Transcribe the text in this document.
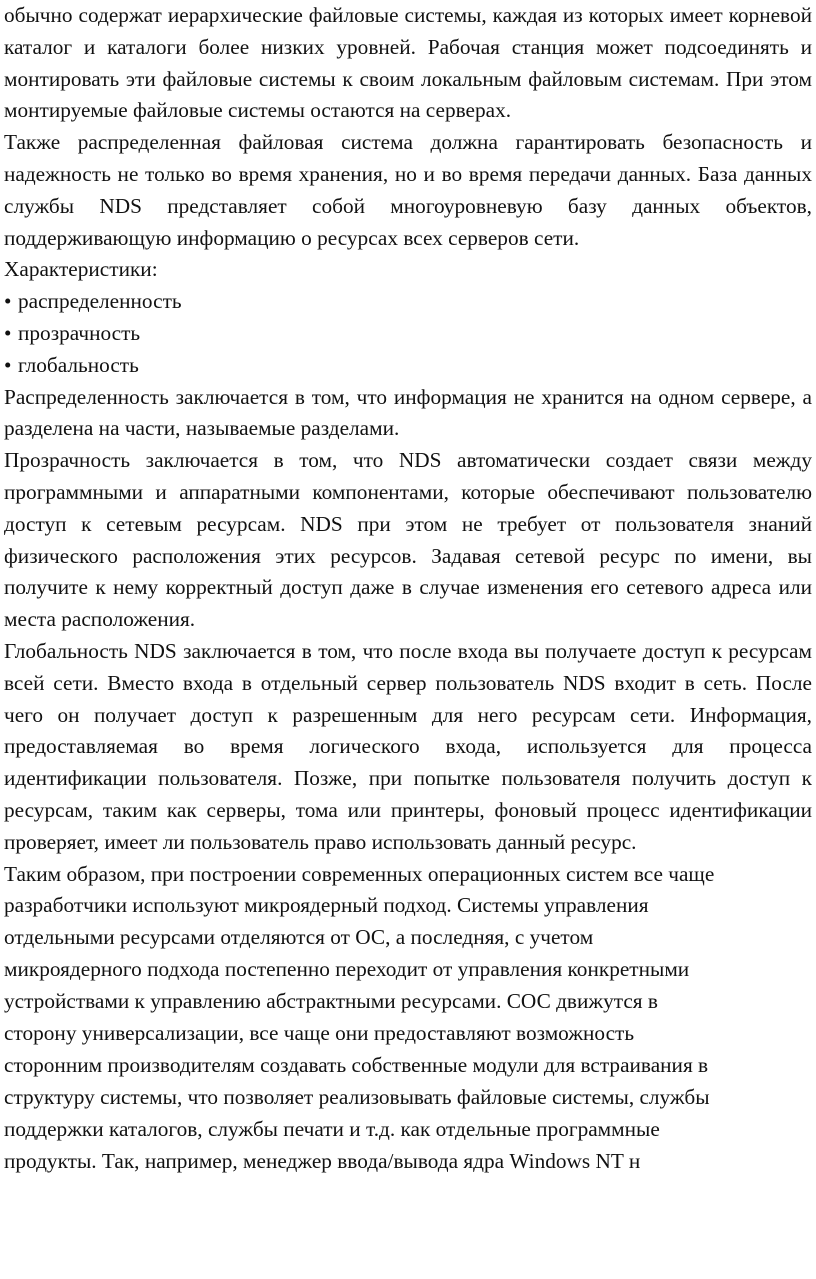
обычно содержат иерархические файловые системы, каждая из которых имеет корневой каталог и каталоги более низких уровней. Рабочая станция может подсоединять и монтировать эти файловые системы к своим локальным файловым системам. При этом монтируемые файловые системы остаются на серверах.

Также распределенная файловая система должна гарантировать безопасность и надежность не только во время хранения, но и во время передачи данных. База данных службы NDS представляет собой многоуровневую базу данных объектов, поддерживающую информацию о ресурсах всех серверов сети.

Характеристики:

• распределенность
• прозрачность
• глобальность

Распределенность заключается в том, что информация не хранится на одном сервере, а разделена на части, называемые разделами.

Прозрачность заключается в том, что NDS автоматически создает связи между программными и аппаратными компонентами, которые обеспечивают пользователю доступ к сетевым ресурсам. NDS при этом не требует от пользователя знаний физического расположения этих ресурсов. Задавая сетевой ресурс по имени, вы получите к нему корректный доступ даже в случае изменения его сетевого адреса или места расположения.

Глобальность NDS заключается в том, что после входа вы получаете доступ к ресурсам всей сети. Вместо входа в отдельный сервер пользователь NDS входит в сеть. После чего он получает доступ к разрешенным для него ресурсам сети. Информация, предоставляемая во время логического входа, используется для процесса идентификации пользователя. Позже, при попытке пользователя получить доступ к ресурсам, таким как серверы, тома или принтеры, фоновый процесс идентификации проверяет, имеет ли пользователь право использовать данный ресурс.

Таким образом, при построении современных операционных систем все чаще
разработчики используют микроядерный подход. Системы управления
отдельными ресурсами отделяются от ОС, а последняя, с учетом
микроядерного подхода постепенно переходит от управления конкретными
устройствами к управлению абстрактными ресурсами. СОС движутся в
сторону универсализации, все чаще они предоставляют возможность
сторонним производителям создавать собственные модули для встраивания в
структуру системы, что позволяет реализовывать файловые системы, службы
поддержки каталогов, службы печати и т.д. как отдельные программные
продукты. Так, например, менеджер ввода/вывода ядра Windows NT н
